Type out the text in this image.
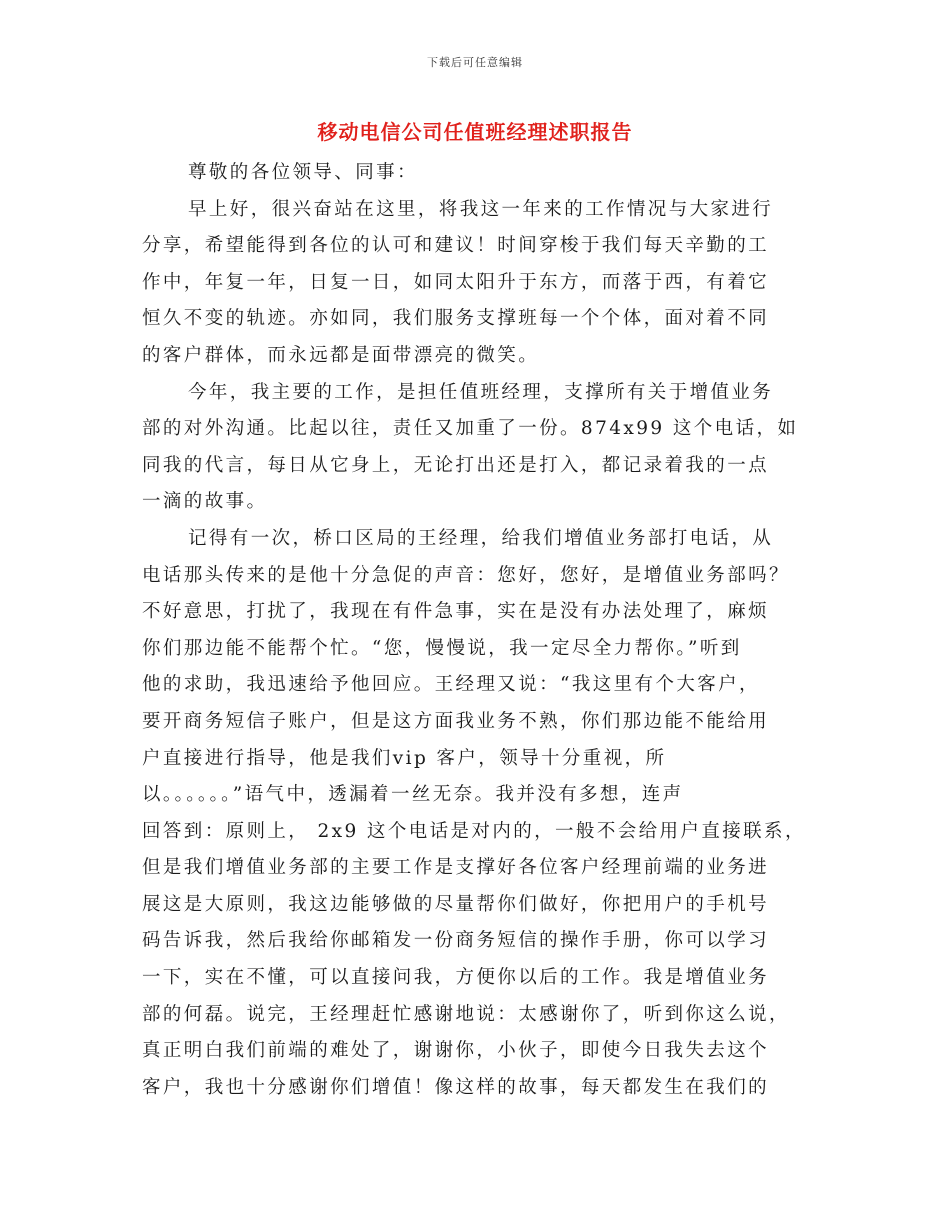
下载后可任意编辑
移动电信公司任值班经理述职报告
尊敬的各位领导、同事：
早上好，很兴奋站在这里，将我这一年来的工作情况与大家进行
分享，希望能得到各位的认可和建议！时间穿梭于我们每天辛勤的工
作中，年复一年，日复一日，如同太阳升于东方，而落于西，有着它
恒久不变的轨迹。亦如同，我们服务支撑班每一个个体，面对着不同
的客户群体，而永远都是面带漂亮的微笑。
今年，我主要的工作，是担任值班经理，支撑所有关于增值业务
部的对外沟通。比起以往，责任又加重了一份。874x99 这个电话，如
同我的代言，每日从它身上，无论打出还是打入，都记录着我的一点
一滴的故事。
记得有一次，桥口区局的王经理，给我们增值业务部打电话，从
电话那头传来的是他十分急促的声音：您好，您好，是增值业务部吗？
不好意思，打扰了，我现在有件急事，实在是没有办法处理了，麻烦
你们那边能不能帮个忙。“您，慢慢说，我一定尽全力帮你。”听到
他的求助，我迅速给予他回应。王经理又说：“我这里有个大客户，
要开商务短信子账户，但是这方面我业务不熟，你们那边能不能给用
户直接进行指导，他是我们vip 客户，领导十分重视，所
以。。。。。。”语气中，透漏着一丝无奈。我并没有多想，连声
回答到：原则上， 2x9 这个电话是对内的，一般不会给用户直接联系，
但是我们增值业务部的主要工作是支撑好各位客户经理前端的业务进
展这是大原则，我这边能够做的尽量帮你们做好，你把用户的手机号
码告诉我，然后我给你邮箱发一份商务短信的操作手册，你可以学习
一下，实在不懂，可以直接问我，方便你以后的工作。我是增值业务
部的何磊。说完，王经理赶忙感谢地说：太感谢你了，听到你这么说，
真正明白我们前端的难处了，谢谢你，小伙子，即使今日我失去这个
客户，我也十分感谢你们增值！像这样的故事，每天都发生在我们的
